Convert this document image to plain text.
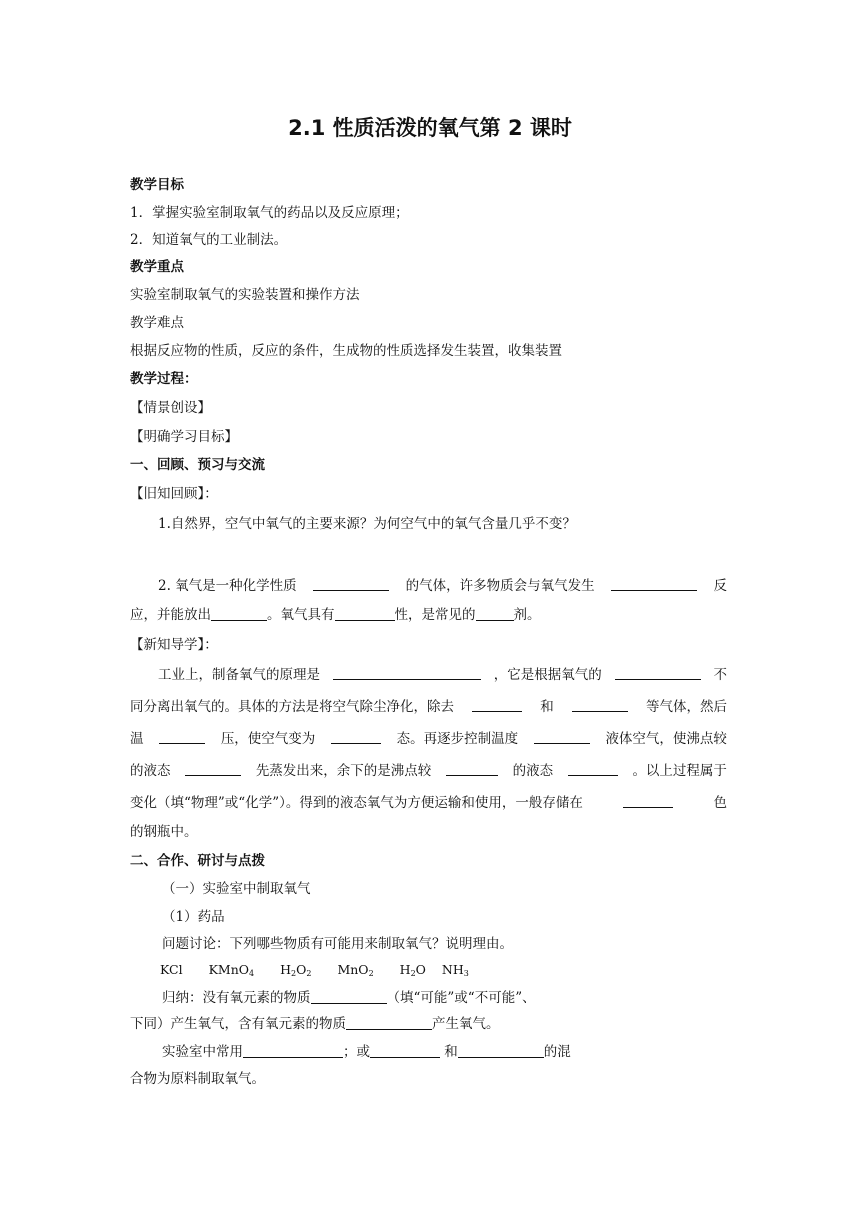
2.1 性质活泼的氧气第 2 课时
教学目标
1．掌握实验室制取氧气的药品以及反应原理；
2．知道氧气的工业制法。
教学重点
实验室制取氧气的实验装置和操作方法
教学难点
根据反应物的性质，反应的条件，生成物的性质选择发生装置，收集装置
教学过程：
【情景创设】
【明确学习目标】
一、回顾、预习与交流
【旧知回顾】：
1.自然界，空气中氧气的主要来源？为何空气中的氧气含量几乎不变？
2. 氧气是一种化学性质	的气体，许多物质会与氧气发生	反
应，并能放出	。氧气具有	性，是常见的	剂。
【新知导学】：
工业上，制备氧气的原理是	，它是根据氧气的	不
同分离出氧气的。具体的方法是将空气除尘净化，除去	和	等气体，然后
温	压，使空气变为	态。再逐步控制温度	液体空气，使沸点较
的液态	先蒸发出来，余下的是沸点较	的液态	。以上过程属于
变化（填“物理”或“化学”）。得到的液态氧气为方便运输和使用，一般存储在	色
的钢瓶中。
二、合作、研讨与点拨
（一）实验室中制取氧气
（1）药品
问题讨论：下列哪些物质有可能用来制取氧气？说明理由。
KCl KMnO$_4$ $H_2O_2$ MnO$_2$ $H_2O$ $NH_3$
归纳：没有氧元素的物质	（填“可能”或“不可能”、
下同）产生氧气，含有氧元素的物质	产生氧气。
实验室中常用	；或	和	的混
合物为原料制取氧气。
